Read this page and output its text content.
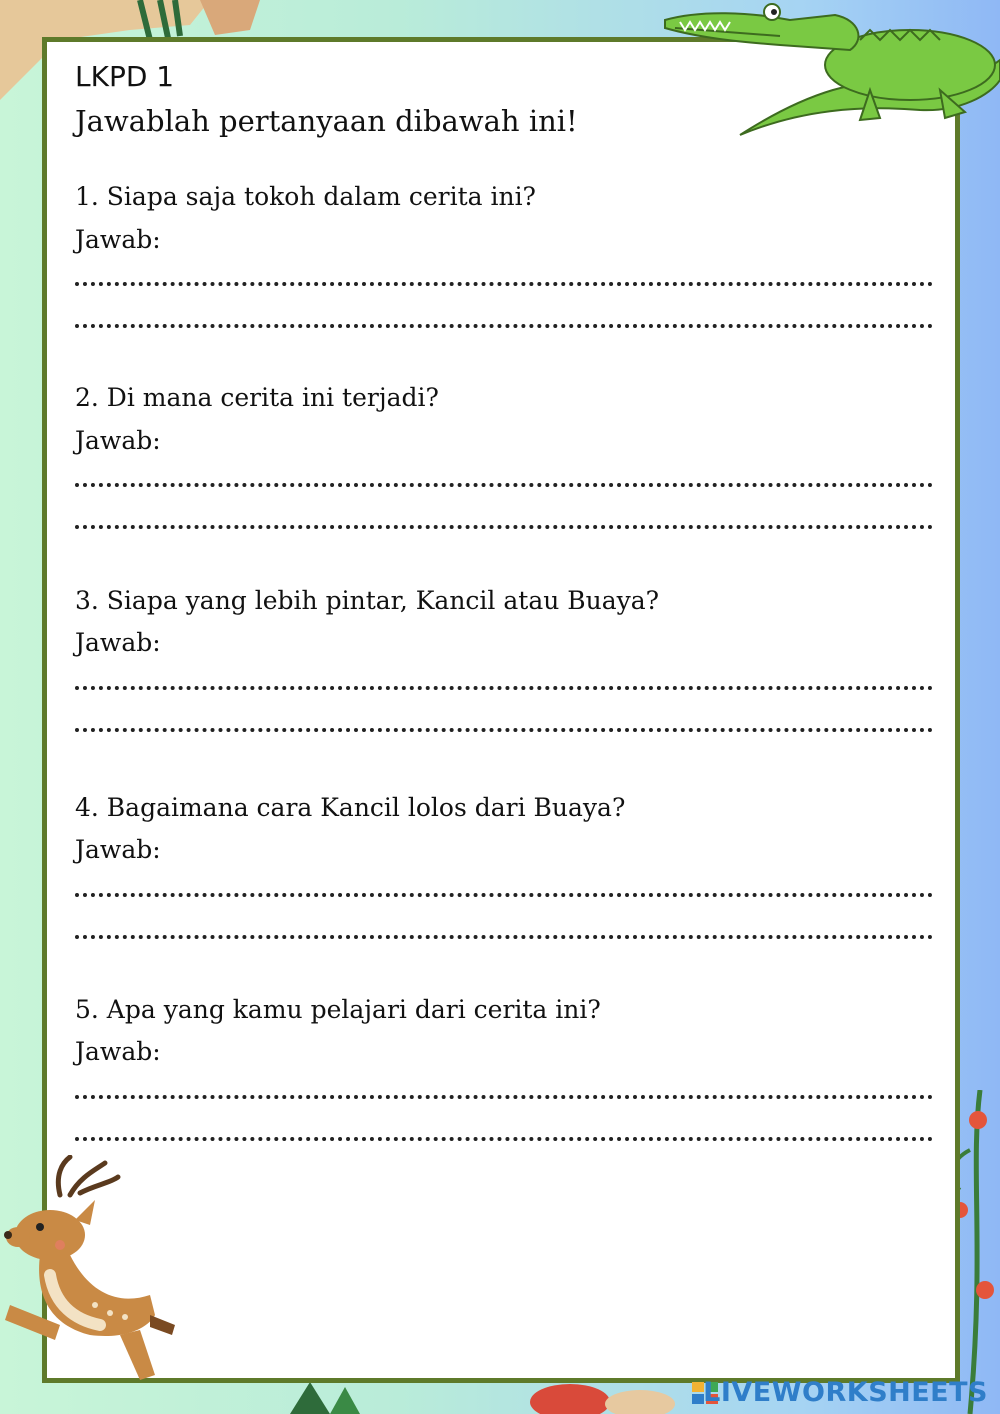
LKPD 1
Jawablah pertanyaan dibawah ini!
1. Siapa saja tokoh dalam cerita ini?
Jawab:
2. Di mana cerita ini terjadi?
Jawab:
3. Siapa yang lebih pintar, Kancil atau Buaya?
Jawab:
4. Bagaimana cara Kancil lolos dari Buaya?
Jawab:
5. Apa yang kamu pelajari dari cerita ini?
Jawab:
LIVEWORKSHEETS
